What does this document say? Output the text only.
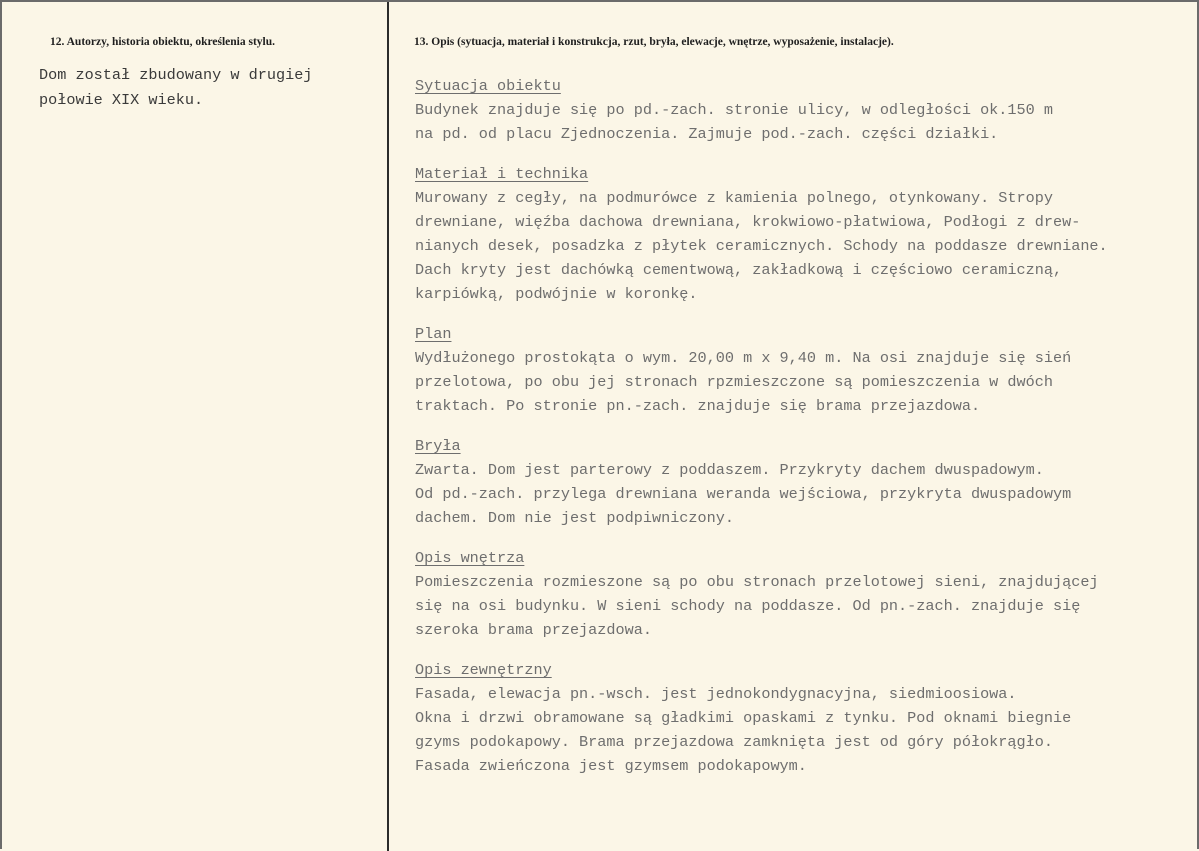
12. Autorzy, historia obiektu, określenia stylu.	13. Opis (sytuacja, materiał i konstrukcja, rzut, bryła, elewacje, wnętrze, wyposażenie, instalacje).
Dom został zbudowany w drugiej
połowie XIX wieku.
Sytuacja obiektu
Budynek znajduje się po pd.-zach. stronie ulicy, w odległości ok.150 m
na pd. od placu Zjednoczenia. Zajmuje pod.-zach. części działki.
Materiał i technika
Murowany z cegły, na podmurówce z kamienia polnego, otynkowany. Stropy
drewniane, więźba dachowa drewniana, krokwiowo-płatwiowa, Podłogi z drew-
nianych desek, posadzka z płytek ceramicznych. Schody na poddasze drewniane.
Dach kryty jest dachówką cementwową, zakładkową i częściowo ceramiczną,
karpiówką, podwójnie w koronkę.
Plan
Wydłużonego prostokąta o wym. 20,00 m x 9,40 m. Na osi znajduje się sień
przelotowa, po obu jej stronach rpzmieszczone są pomieszczenia w dwóch
traktach. Po stronie pn.-zach. znajduje się brama przejazdowa.
Bryła
Zwarta. Dom jest parterowy z poddaszem. Przykryty dachem dwuspadowym.
Od pd.-zach. przylega drewniana weranda wejściowa, przykryta dwuspadowym
dachem. Dom nie jest podpiwniczony.
Opis wnętrza
Pomieszczenia rozmieszone są po obu stronach przelotowej sieni, znajdującej
się na osi budynku. W sieni schody na poddasze. Od pn.-zach. znajduje się
szeroka brama przejazdowa.
Opis zewnętrzny
Fasada, elewacja pn.-wsch. jest jednokondygnacyjna, siedmioosiowa.
Okna i drzwi obramowane są gładkimi opaskami z tynku. Pod oknami biegnie
gzyms podokapowy. Brama przejazdowa zamknięta jest od góry półokrągło.
Fasada zwieńczona jest gzymsem podokapowym.
